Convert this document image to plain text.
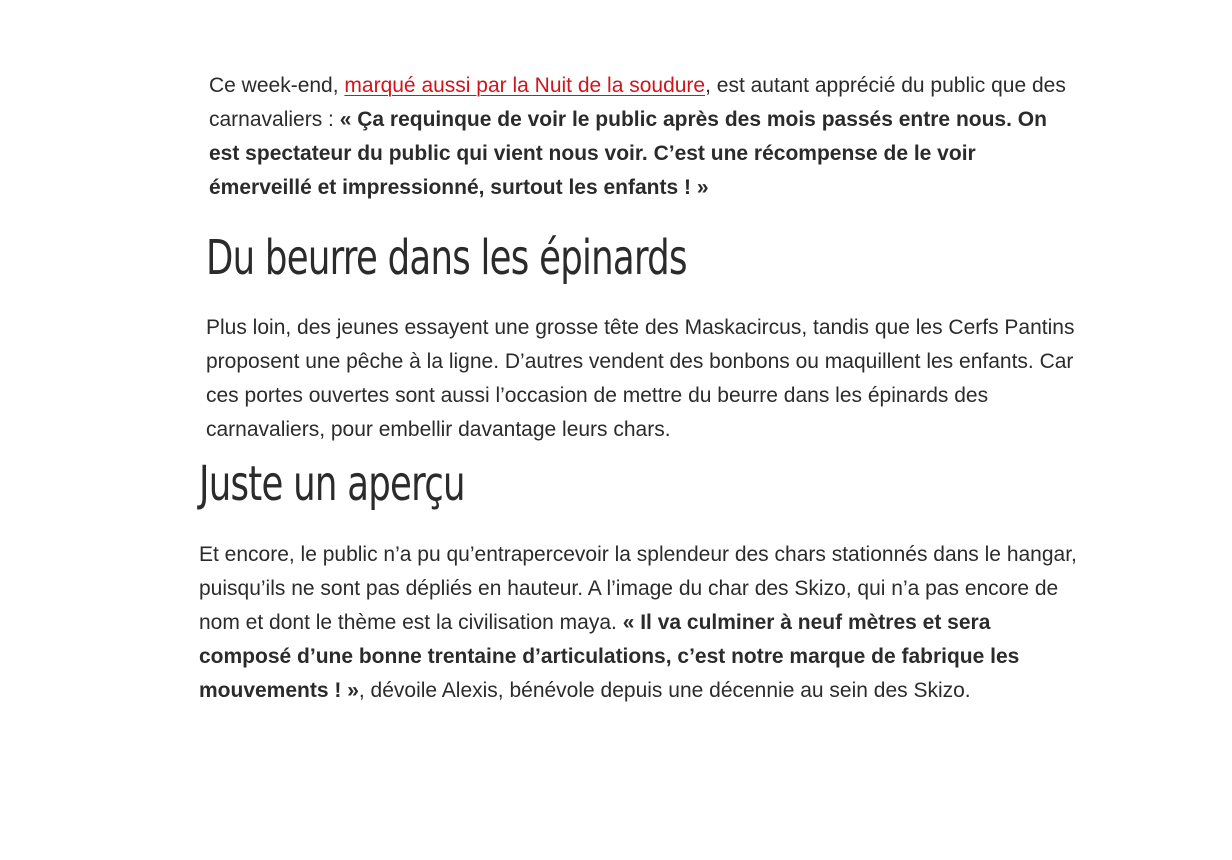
Ce week-end, marqué aussi par la Nuit de la soudure, est autant apprécié du public que des carnavaliers : « Ça requinque de voir le public après des mois passés entre nous. On est spectateur du public qui vient nous voir. C’est une récompense de le voir émerveillé et impressionné, surtout les enfants ! »

Du beurre dans les épinards

Plus loin, des jeunes essayent une grosse tête des Maskacircus, tandis que les Cerfs Pantins proposent une pêche à la ligne. D’autres vendent des bonbons ou maquillent les enfants. Car ces portes ouvertes sont aussi l’occasion de mettre du beurre dans les épinards des carnavaliers, pour embellir davantage leurs chars.

Juste un aperçu

Et encore, le public n’a pu qu’entrapercevoir la splendeur des chars stationnés dans le hangar, puisqu’ils ne sont pas dépliés en hauteur. A l’image du char des Skizo, qui n’a pas encore de nom et dont le thème est la civilisation maya. « Il va culminer à neuf mètres et sera composé d’une bonne trentaine d’articulations, c’est notre marque de fabrique les mouvements ! », dévoile Alexis, bénévole depuis une décennie au sein des Skizo.
